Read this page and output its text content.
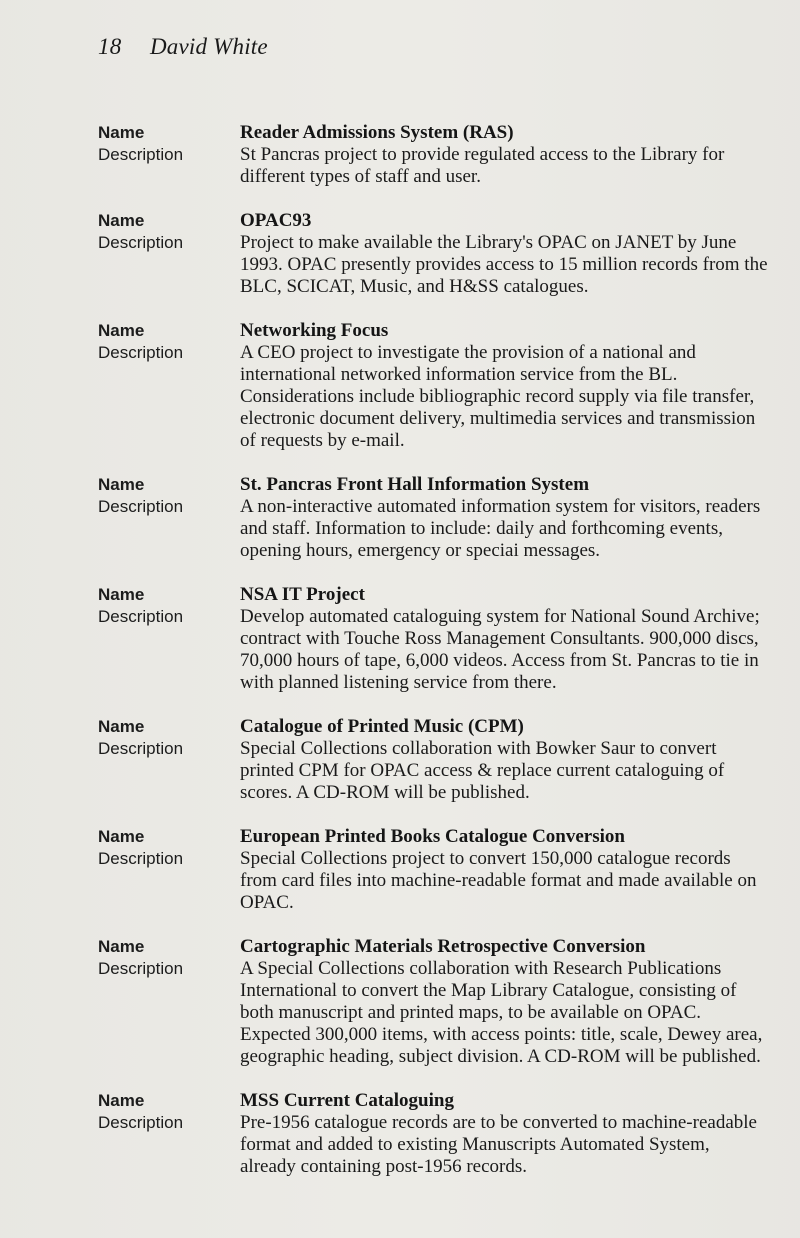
18 David White
Name	Reader Admissions System (RAS)
Description	St Pancras project to provide regulated access to the Library for different types of staff and user.
Name	OPAC93
Description	Project to make available the Library's OPAC on JANET by June 1993. OPAC presently provides access to 15 million records from the BLC, SCICAT, Music, and H&SS catalogues.
Name	Networking Focus
Description	A CEO project to investigate the provision of a national and international networked information service from the BL. Considerations include bibliographic record supply via file transfer, electronic document delivery, multimedia services and transmission of requests by e-mail.
Name	St. Pancras Front Hall Information System
Description	A non-interactive automated information system for visitors, readers and staff. Information to include: daily and forthcoming events, opening hours, emergency or speciai messages.
Name	NSA IT Project
Description	Develop automated cataloguing system for National Sound Archive; contract with Touche Ross Management Consultants. 900,000 discs, 70,000 hours of tape, 6,000 videos. Access from St. Pancras to tie in with planned listening service from there.
Name	Catalogue of Printed Music (CPM)
Description	Special Collections collaboration with Bowker Saur to convert printed CPM for OPAC access & replace current cataloguing of scores. A CD-ROM will be published.
Name	European Printed Books Catalogue Conversion
Description	Special Collections project to convert 150,000 catalogue records from card files into machine-readable format and made available on OPAC.
Name	Cartographic Materials Retrospective Conversion
Description	A Special Collections collaboration with Research Publications International to convert the Map Library Catalogue, consisting of both manuscript and printed maps, to be available on OPAC. Expected 300,000 items, with access points: title, scale, Dewey area, geographic heading, subject division. A CD-ROM will be published.
Name	MSS Current Cataloguing
Description	Pre-1956 catalogue records are to be converted to machine-readable format and added to existing Manuscripts Automated System, already containing post-1956 records.
